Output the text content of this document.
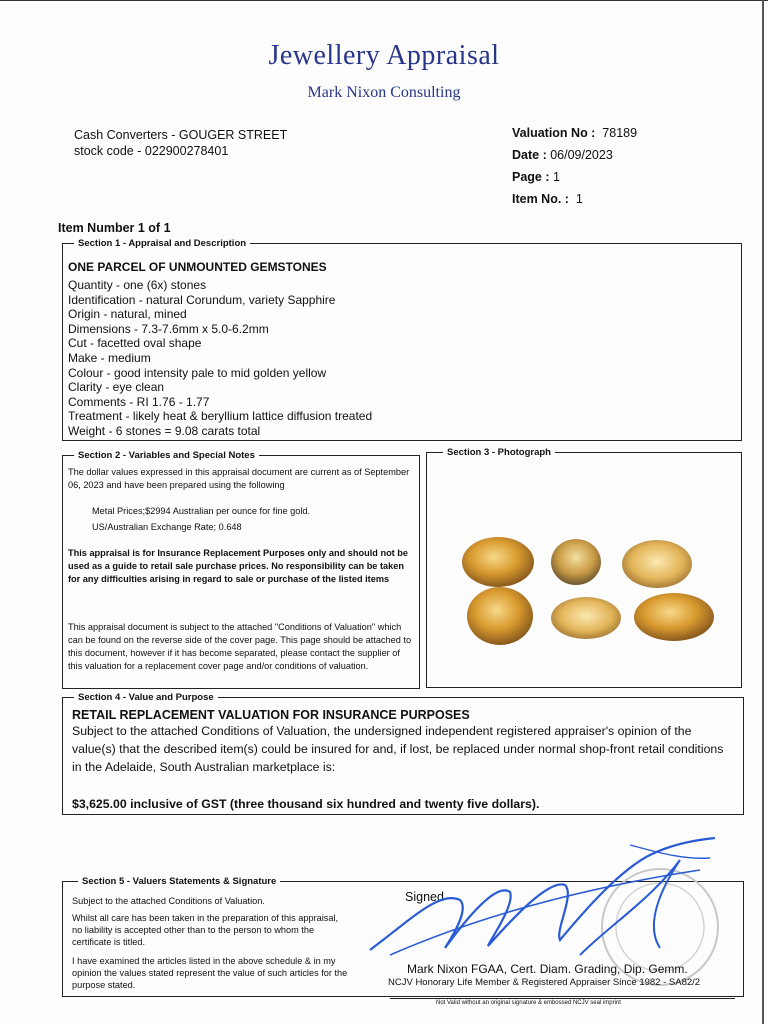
Jewellery Appraisal
Mark Nixon Consulting
Cash Converters - GOUGER STREET
stock code - 022900278401
Valuation No : 78189
Date : 06/09/2023
Page : 1
Item No. : 1
Item Number 1 of 1
Section 1 - Appraisal and Description
ONE PARCEL OF UNMOUNTED GEMSTONES
Quantity - one (6x) stones
Identification - natural Corundum, variety Sapphire
Origin - natural, mined
Dimensions - 7.3-7.6mm x 5.0-6.2mm
Cut - facetted oval shape
Make - medium
Colour - good intensity pale to mid golden yellow
Clarity - eye clean
Comments - RI 1.76 - 1.77
Treatment - likely heat & beryllium lattice diffusion treated
Weight - 6 stones = 9.08 carats total
Section 2 - Variables and Special Notes
The dollar values expressed in this appraisal document are current as of September 06, 2023 and have been prepared using the following
Metal Prices;$2994 Australian per ounce for fine gold.
US/Australian Exchange Rate; 0.648
This appraisal is for Insurance Replacement Purposes only and should not be used as a guide to retail sale purchase prices. No responsibility can be taken for any difficulties arising in regard to sale or purchase of the listed items
This appraisal document is subject to the attached "Conditions of Valuation" which can be found on the reverse side of the cover page. This page should be attached to this document, however if it has become separated, please contact the supplier of this valuation for a replacement cover page and/or conditions of valuation.
Section 3 - Photograph
Section 4 - Value and Purpose
RETAIL REPLACEMENT VALUATION FOR INSURANCE PURPOSES
Subject to the attached Conditions of Valuation, the undersigned independent registered appraiser's opinion of the value(s) that the described item(s) could be insured for and, if lost, be replaced under normal shop-front retail conditions in the Adelaide, South Australian marketplace is:
$3,625.00 inclusive of GST (three thousand six hundred and twenty five dollars).
Section 5 - Valuers Statements & Signature
Subject to the attached Conditions of Valuation.
Whilst all care has been taken in the preparation of this appraisal, no liability is accepted other than to the person to whom the certificate is titled.
I have examined the articles listed in the above schedule & in my opinion the values stated represent the value of such articles for the purpose stated.
Signed
Mark Nixon FGAA, Cert. Diam. Grading, Dip. Gemm.
NCJV Honorary Life Member & Registered Appraiser Since 1982 - SA82/2
Not Valid without an original signature & embossed NCJV seal imprint
